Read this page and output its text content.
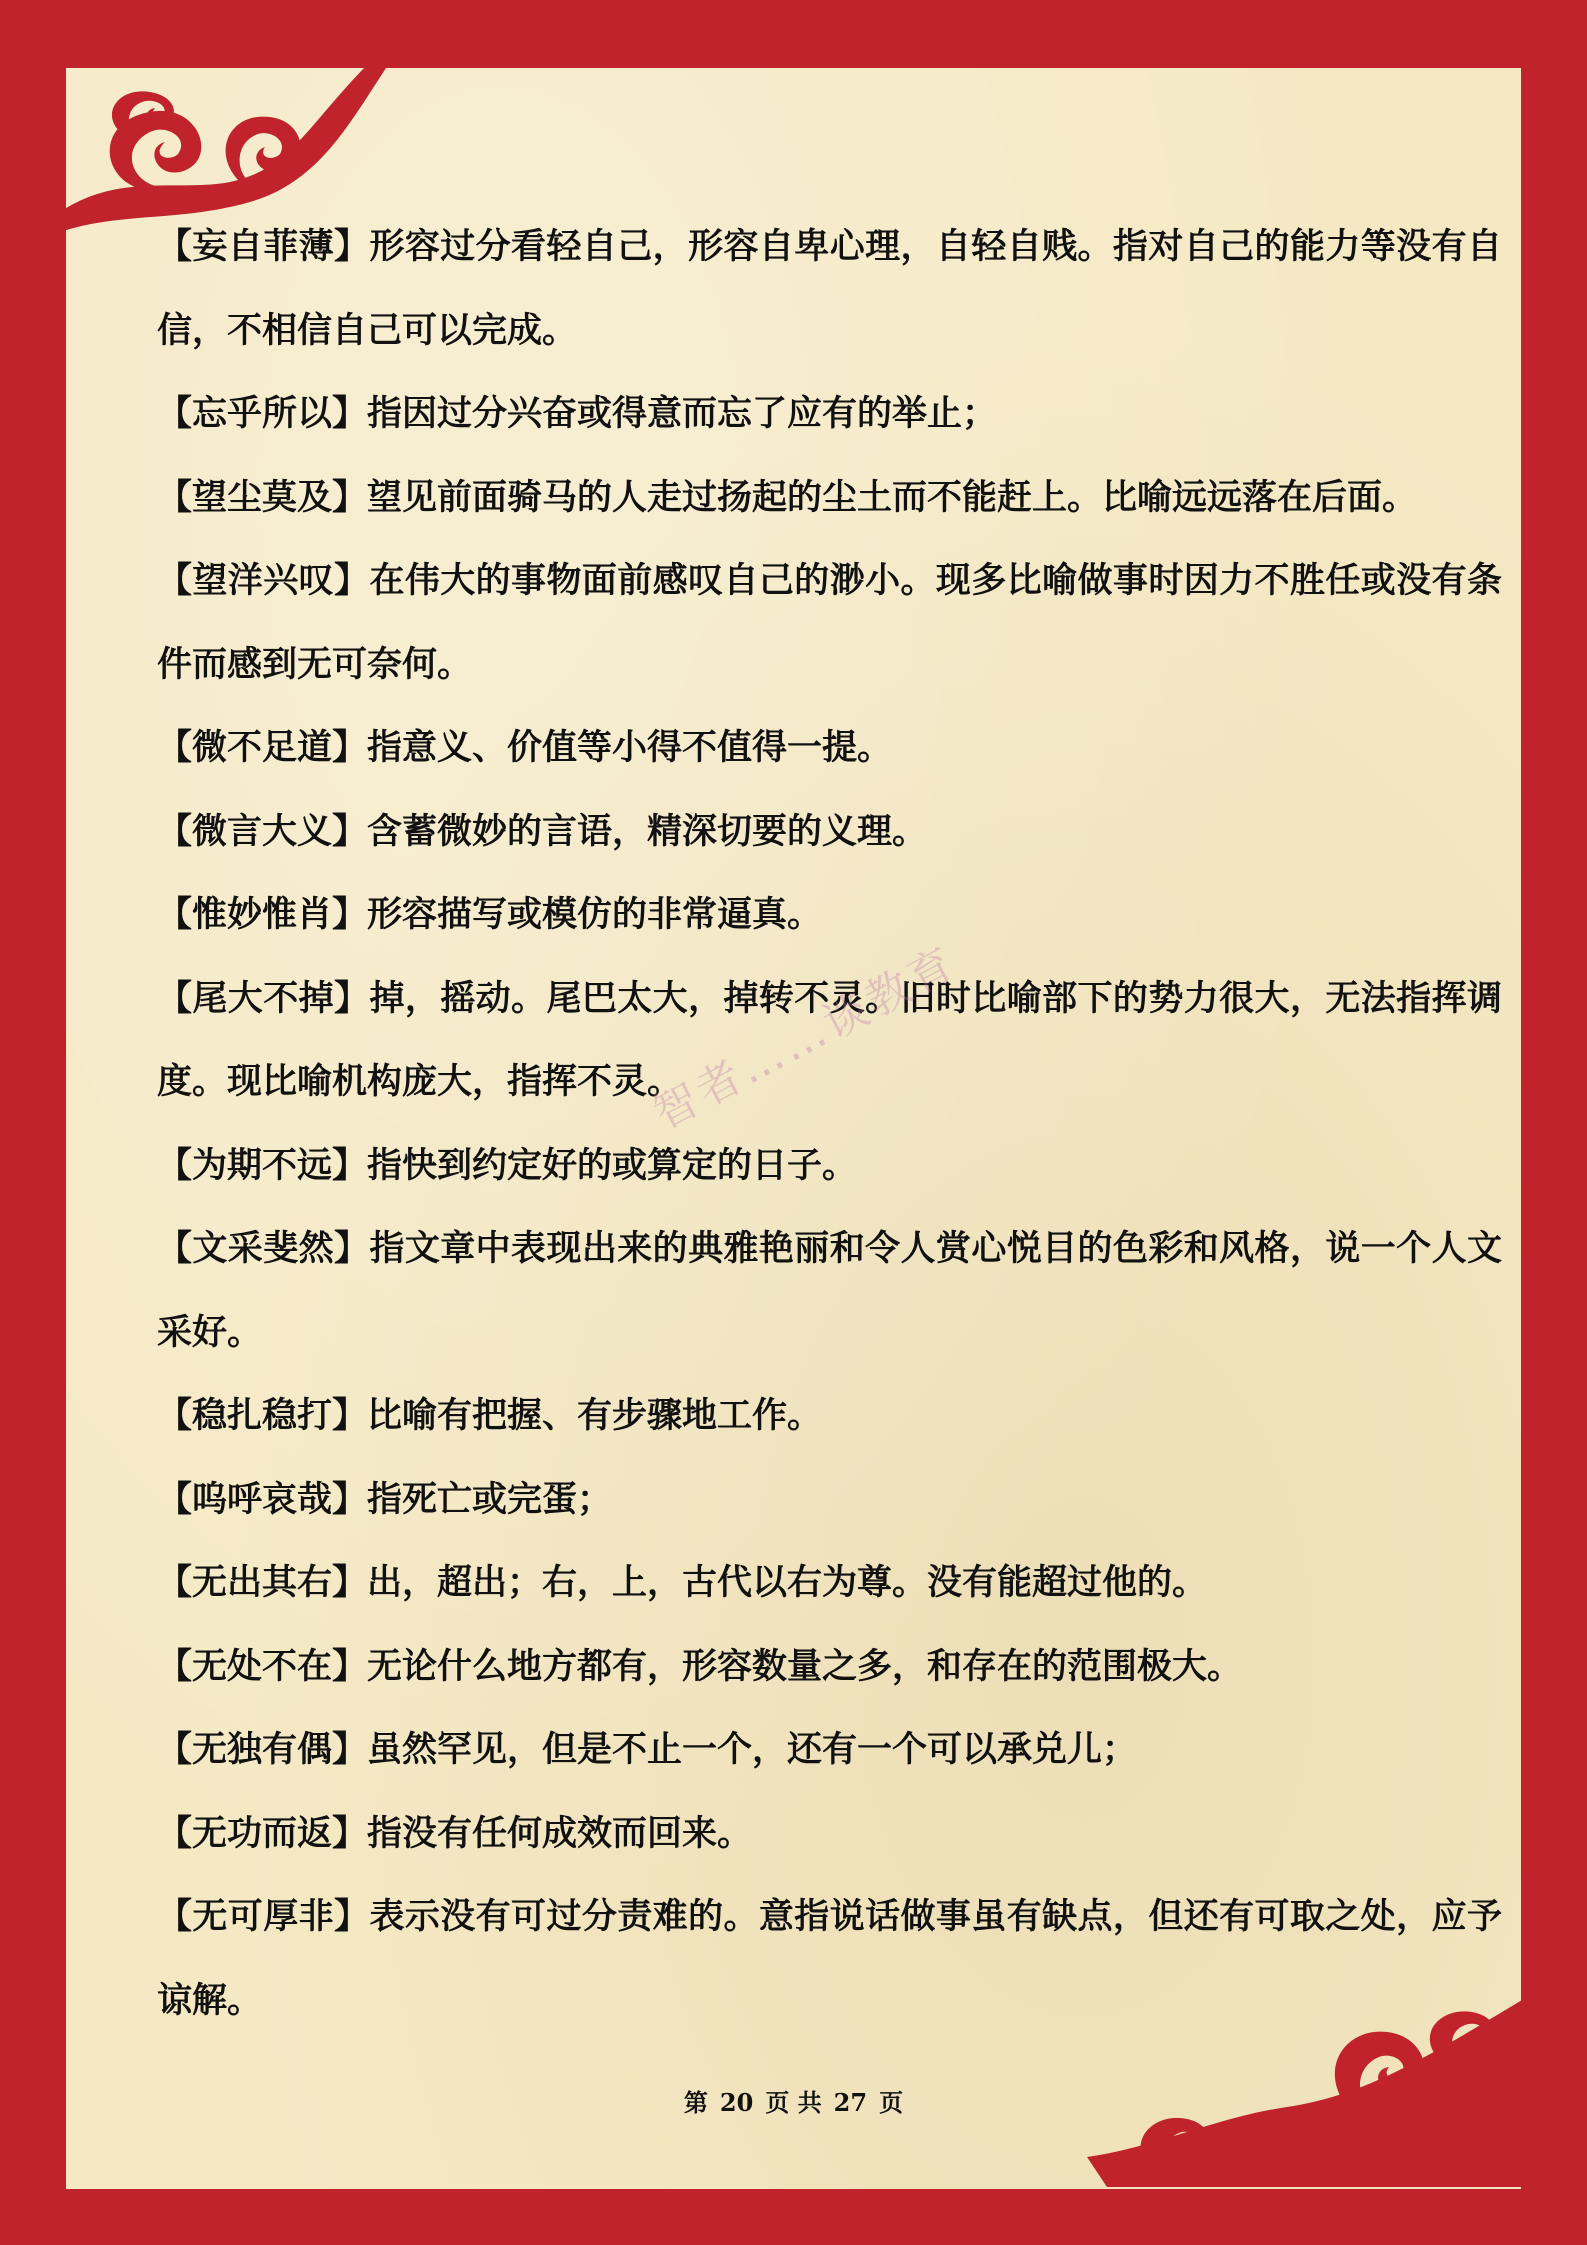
【妄自菲薄】形容过分看轻自己，形容自卑心理，自轻自贱。指对自己的能力等没有自信，不相信自己可以完成。

【忘乎所以】指因过分兴奋或得意而忘了应有的举止；

【望尘莫及】望见前面骑马的人走过扬起的尘土而不能赶上。比喻远远落在后面。

【望洋兴叹】在伟大的事物面前感叹自己的渺小。现多比喻做事时因力不胜任或没有条件而感到无可奈何。

【微不足道】指意义、价值等小得不值得一提。

【微言大义】含蓄微妙的言语，精深切要的义理。

【惟妙惟肖】形容描写或模仿的非常逼真。

【尾大不掉】掉，摇动。尾巴太大，掉转不灵。旧时比喻部下的势力很大，无法指挥调度。现比喻机构庞大，指挥不灵。

【为期不远】指快到约定好的或算定的日子。

【文采斐然】指文章中表现出来的典雅艳丽和令人赏心悦目的色彩和风格，说一个人文采好。

【稳扎稳打】比喻有把握、有步骤地工作。

【呜呼哀哉】指死亡或完蛋；

【无出其右】出，超出；右，上，古代以右为尊。没有能超过他的。

【无处不在】无论什么地方都有，形容数量之多，和存在的范围极大。

【无独有偶】虽然罕见，但是不止一个，还有一个可以承兑儿；

【无功而返】指没有任何成效而回来。

【无可厚非】表示没有可过分责难的。意指说话做事虽有缺点，但还有可取之处，应予谅解。

智者……谈教育
第 20 页 共 27 页
